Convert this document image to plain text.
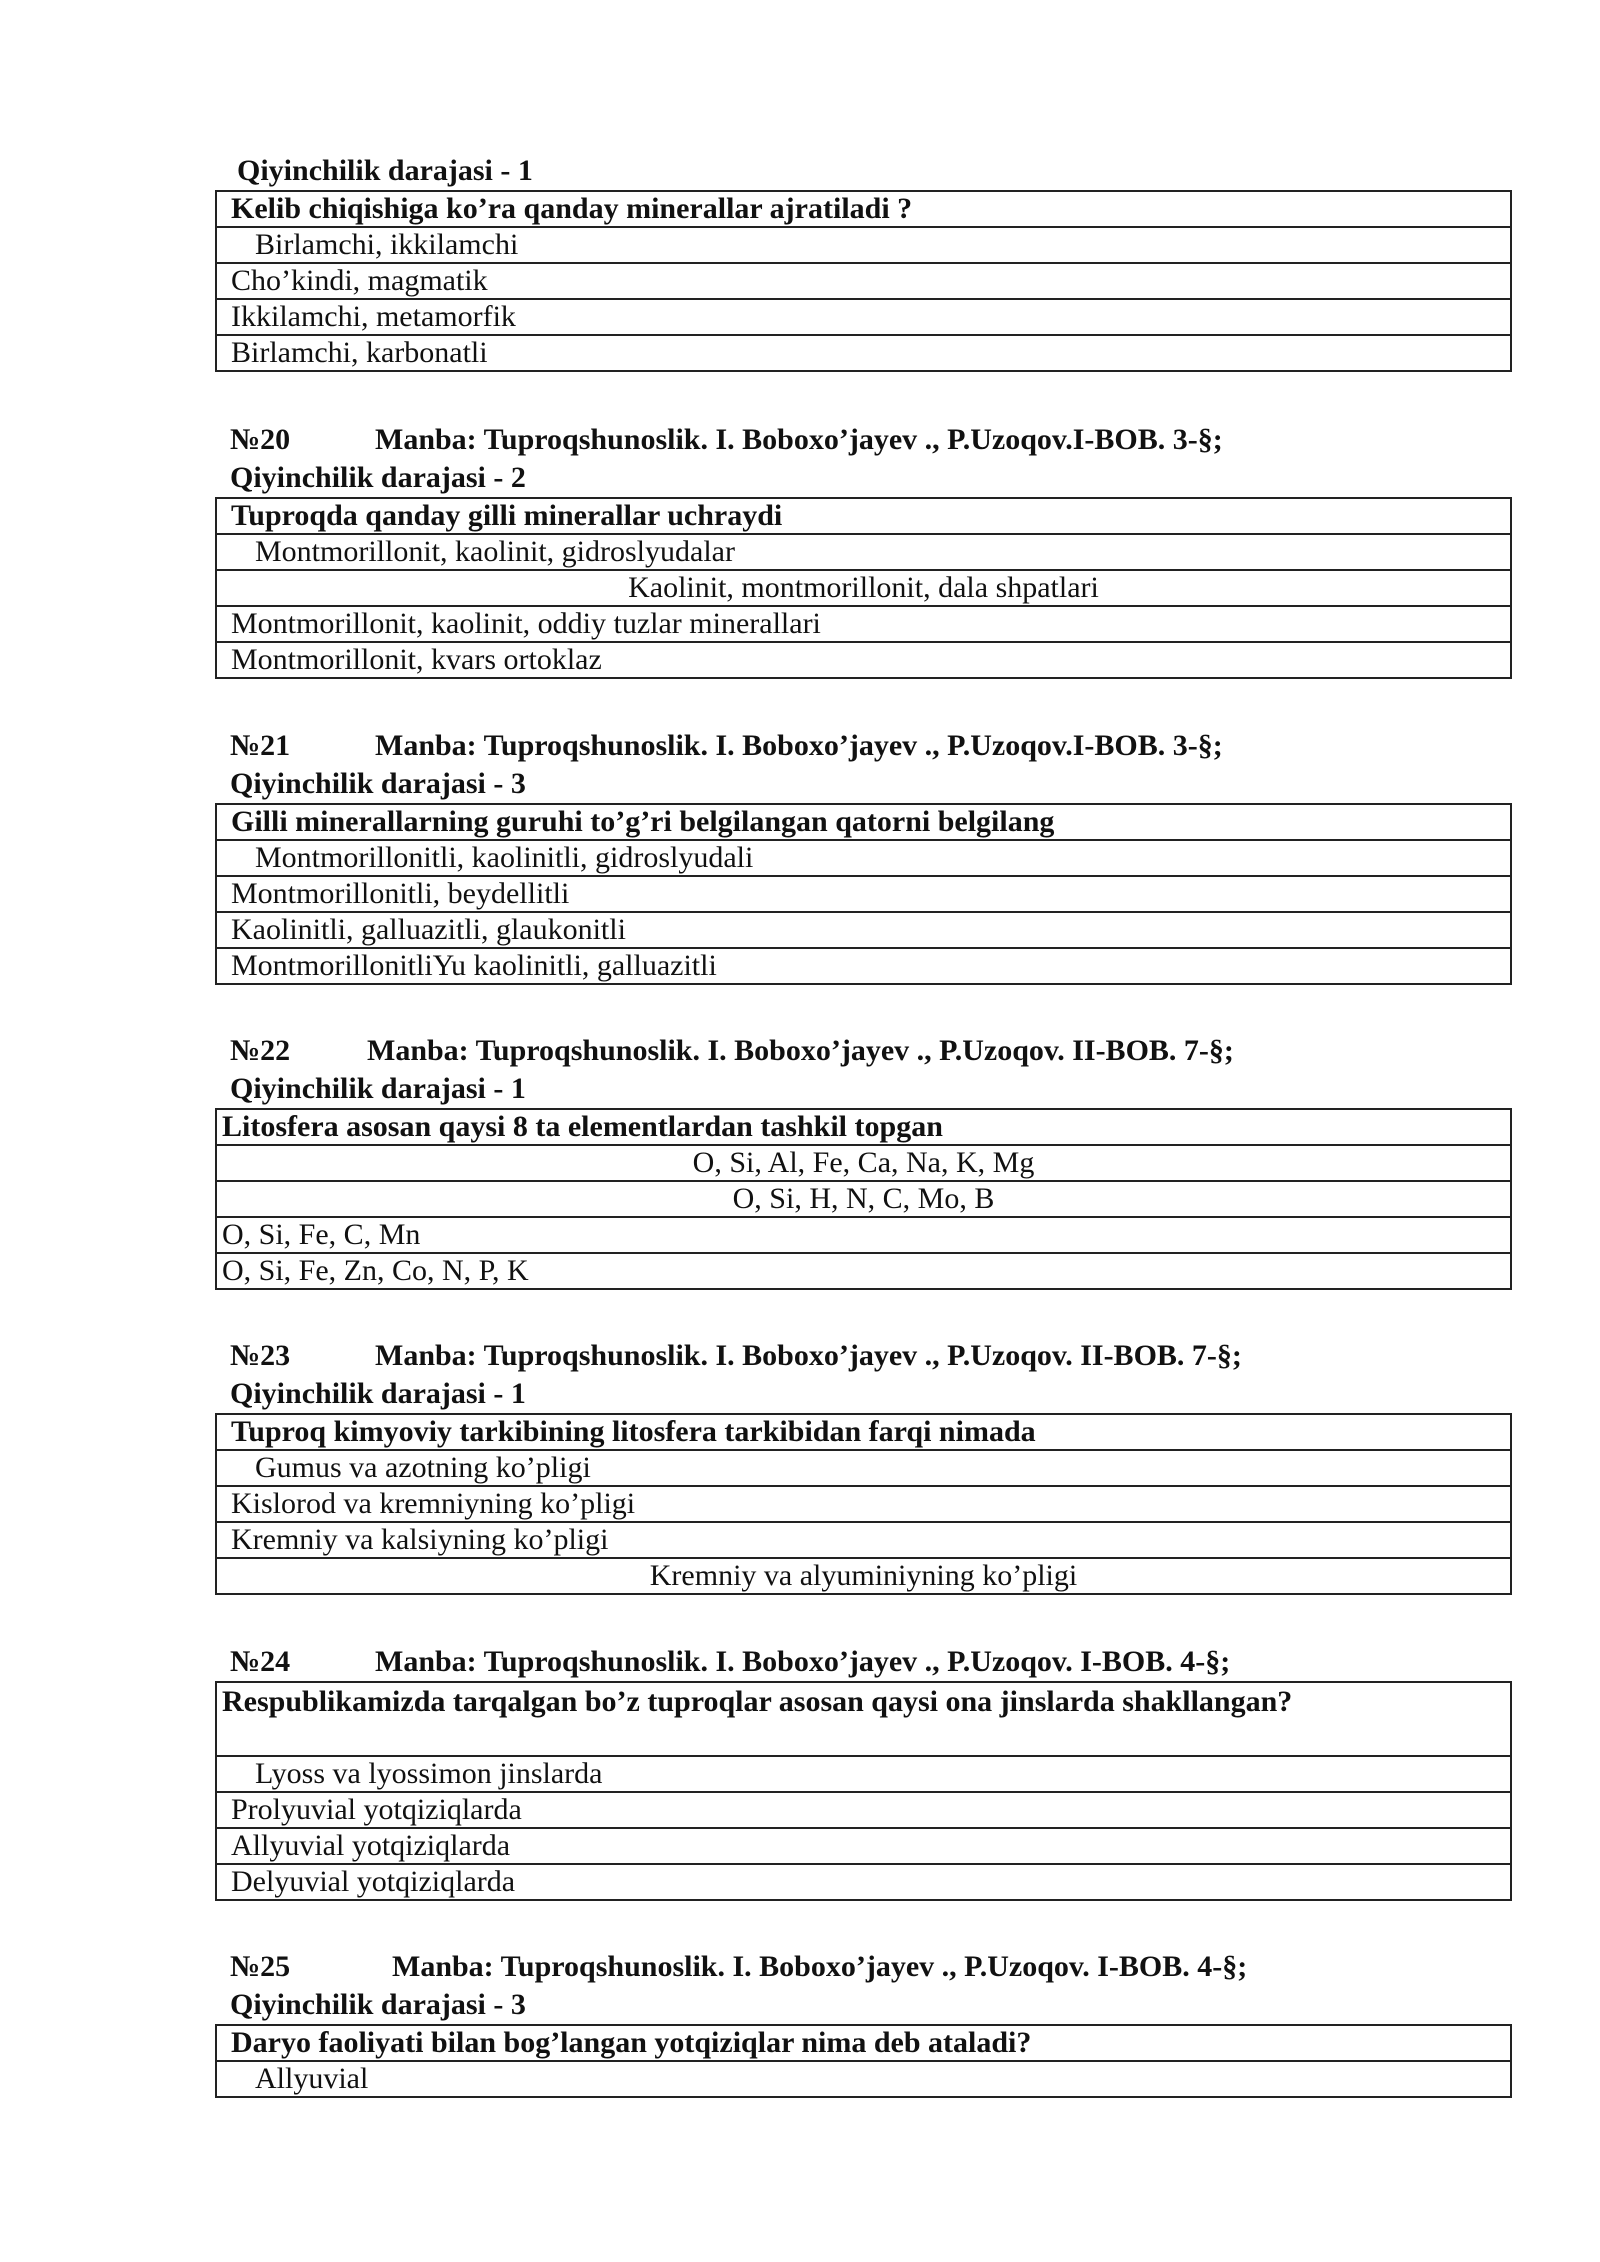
Qiyinchilik darajasi - 1
Kelib chiqishiga ko’ra qanday minerallar ajratiladi ?
Birlamchi, ikkilamchi
Cho’kindi, magmatik
Ikkilamchi, metamorfik
Birlamchi, karbonatli
№20	Manba: Tuproqshunoslik. I. Boboxo’jayev ., P.Uzoqov.I-BOB. 3-§;
Qiyinchilik darajasi - 2
Tuproqda qanday gilli minerallar uchraydi
Montmorillonit, kaolinit, gidroslyudalar
Kaolinit, montmorillonit, dala shpatlari
Montmorillonit, kaolinit, oddiy tuzlar minerallari
Montmorillonit, kvars ortoklaz
№21	Manba: Tuproqshunoslik. I. Boboxo’jayev ., P.Uzoqov.I-BOB. 3-§;
Qiyinchilik darajasi - 3
Gilli minerallarning guruhi to’g’ri belgilangan qatorni belgilang
Montmorillonitli, kaolinitli, gidroslyudali
Montmorillonitli, beydellitli
Kaolinitli, galluazitli, glaukonitli
MontmorillonitliYu kaolinitli, galluazitli
№22	Manba: Tuproqshunoslik. I. Boboxo’jayev ., P.Uzoqov. II-BOB. 7-§;
Qiyinchilik darajasi - 1
Litosfera asosan qaysi 8 ta elementlardan tashkil topgan
O, Si, Al, Fe, Ca, Na, K, Mg
O, Si, H, N, C, Mo, B
O, Si, Fe, C, Mn
O, Si, Fe, Zn, Co, N, P, K
№23	Manba: Tuproqshunoslik. I. Boboxo’jayev ., P.Uzoqov. II-BOB. 7-§;
Qiyinchilik darajasi - 1
Tuproq kimyoviy tarkibining litosfera tarkibidan farqi nimada
Gumus va azotning ko’pligi
Kislorod va kremniyning ko’pligi
Kremniy va kalsiyning ko’pligi
Kremniy va alyuminiyning ko’pligi
№24	Manba: Tuproqshunoslik. I. Boboxo’jayev ., P.Uzoqov. I-BOB. 4-§;
Respublikamizda tarqalgan bo’z tuproqlar asosan qaysi ona jinslarda shakllangan?
Lyoss va lyossimon jinslarda
Prolyuvial yotqiziqlarda
Allyuvial yotqiziqlarda
Delyuvial yotqiziqlarda
№25	Manba: Tuproqshunoslik. I. Boboxo’jayev ., P.Uzoqov. I-BOB. 4-§;
Qiyinchilik darajasi - 3
Daryo faoliyati bilan bog’langan yotqiziqlar nima deb ataladi?
Allyuvial
